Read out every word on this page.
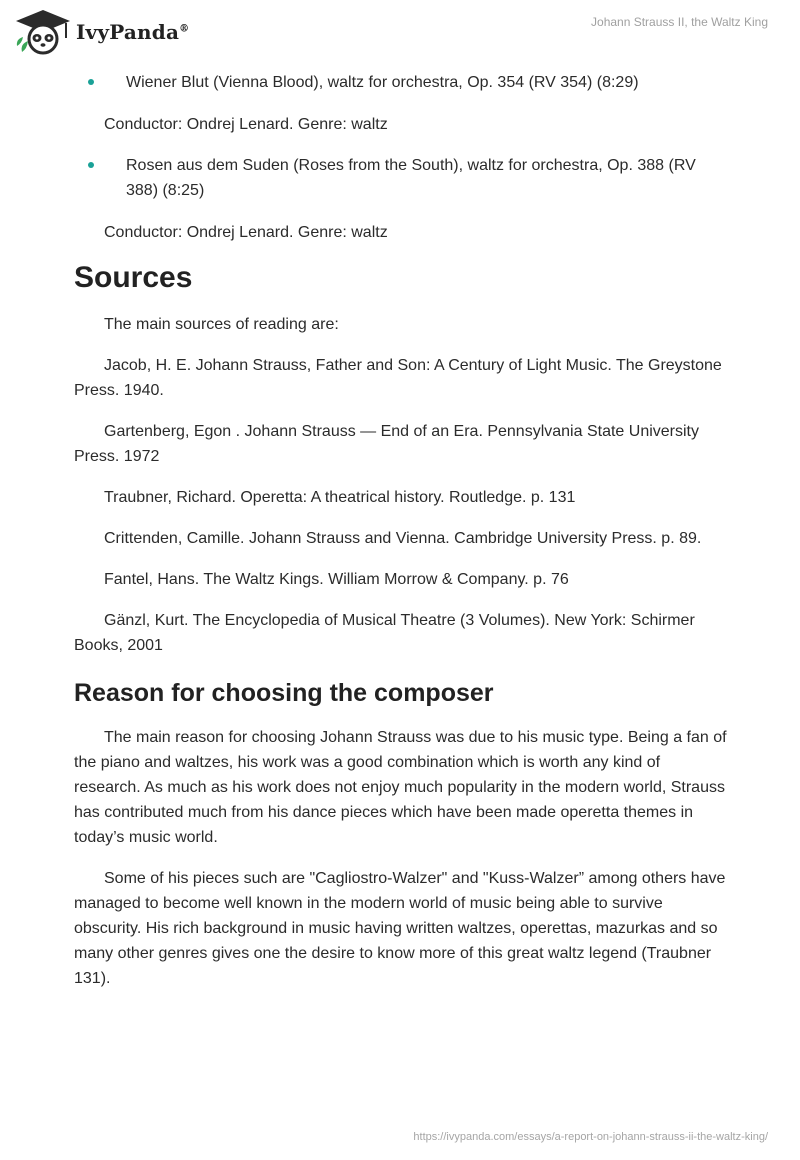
IvyPanda®	Johann Strauss II, the Waltz King

Wiener Blut (Vienna Blood), waltz for orchestra, Op. 354 (RV 354) (8:29)

Conductor: Ondrej Lenard. Genre: waltz

Rosen aus dem Suden (Roses from the South), waltz for orchestra, Op. 388 (RV 388) (8:25)

Conductor: Ondrej Lenard. Genre: waltz

Sources

The main sources of reading are:

Jacob, H. E. Johann Strauss, Father and Son: A Century of Light Music. The Greystone Press. 1940.

Gartenberg, Egon . Johann Strauss — End of an Era. Pennsylvania State University Press. 1972

Traubner, Richard. Operetta: A theatrical history. Routledge. p. 131

Crittenden, Camille. Johann Strauss and Vienna. Cambridge University Press. p. 89.

Fantel, Hans. The Waltz Kings. William Morrow & Company. p. 76

Gänzl, Kurt. The Encyclopedia of Musical Theatre (3 Volumes). New York: Schirmer Books, 2001

Reason for choosing the composer

The main reason for choosing Johann Strauss was due to his music type. Being a fan of the piano and waltzes, his work was a good combination which is worth any kind of research. As much as his work does not enjoy much popularity in the modern world, Strauss has contributed much from his dance pieces which have been made operetta themes in today’s music world.

Some of his pieces such are "Cagliostro-Walzer" and "Kuss-Walzer” among others have managed to become well known in the modern world of music being able to survive obscurity. His rich background in music having written waltzes, operettas, mazurkas and so many other genres gives one the desire to know more of this great waltz legend (Traubner 131).

https://ivypanda.com/essays/a-report-on-johann-strauss-ii-the-waltz-king/
